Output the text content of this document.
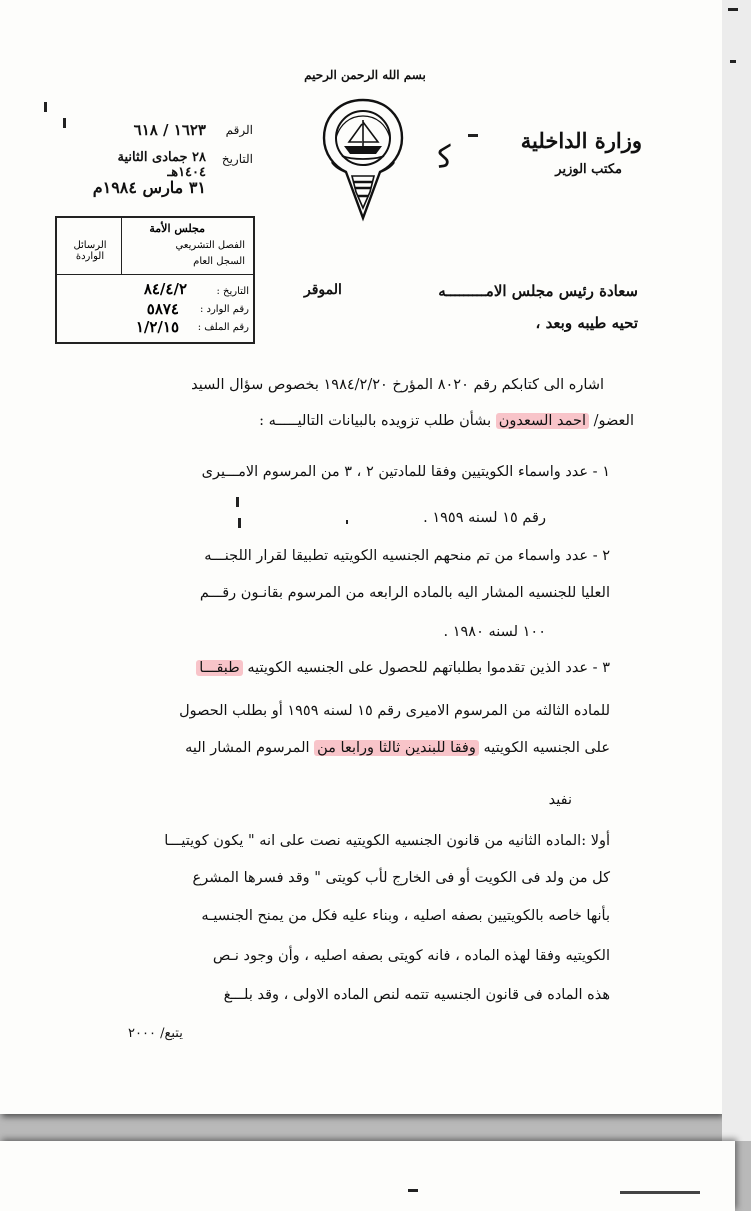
بسم الله الرحمن الرحيم
وزارة الداخلية
مكتب الوزير
ﻛ
الرقم
١٦٢٣ / ٦١٨
التاريخ
٢٨ جمادى الثانية ١٤٠٤هـ
٣١ مارس ١٩٨٤م
مجلس الأمة
الفصل التشريعي
السجل العام
الرسائل الواردة
التاريخ :
٨٤/٤/٢
رقم الوارد :
٥٨٧٤
رقم الملف :
١/٢/١٥
سعادة رئيس مجلس الامـــــــــه
الموقر
تحيه طيبه وبعد ،
اشاره الى كتابكم رقم ٨٠٢٠ المؤرخ ١٩٨٤/٢/٢٠ بخصوص سؤال السيد
العضو/ احمد السعدون بشأن طلب تزويده بالبيانات التاليـــــه :
١ - عدد واسماء الكويتيين وفقا للمادتين ٢ ، ٣ من المرسوم الامـــيرى
رقم ١٥ لسنه ١٩٥٩ .
٢ - عدد واسماء من تم منحهم الجنسيه الكويتيه تطبيقا لقرار اللجنـــه
العليا للجنسيه المشار اليه بالماده الرابعه من المرسوم بقانـون رقـــم
١٠٠ لسنه ١٩٨٠ .
٣ - عدد الذين تقدموا بطلباتهم للحصول على الجنسيه الكويتيه طبقـــا
للماده الثالثه من المرسوم الاميرى رقم ١٥ لسنه ١٩٥٩ أو بطلب الحصول
على الجنسيه الكويتيه وفقا للبندين ثالثا ورابعا من المرسوم المشار اليه
نفيد
أولا :الماده الثانيه من قانون الجنسيه الكويتيه نصت على انه " يكون كويتيـــا
كل من ولد فى الكويت أو فى الخارج لأب كويتى " وقد فسرها المشرع
بأنها خاصه بالكويتيين بصفه اصليه ، وبناء عليه فكل من يمنح الجنسيـه
الكويتيه وفقا لهذه الماده ، فانه كويتى بصفه اصليه ، وأن وجود نـص
هذه الماده فى قانون الجنسيه تتمه لنص الماده الاولى ، وقد بلـــغ
يتبع/ ٢٠٠٠
